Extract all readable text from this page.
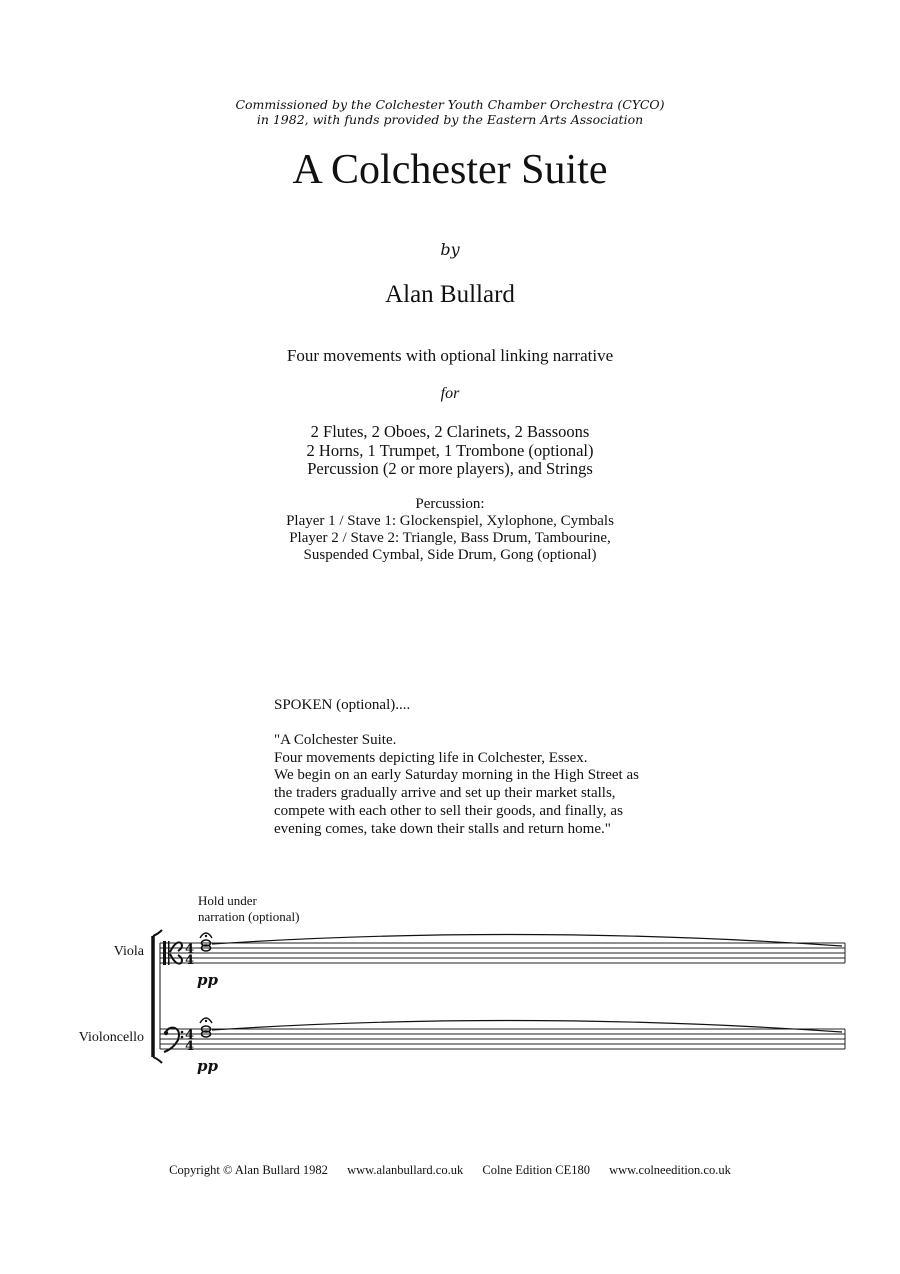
Commissioned by the Colchester Youth Chamber Orchestra (CYCO)
in 1982, with funds provided by the Eastern Arts Association
A Colchester Suite
by
Alan Bullard
Four movements with optional linking narrative
for
2 Flutes, 2 Oboes, 2 Clarinets, 2 Bassoons
2 Horns, 1 Trumpet, 1 Trombone (optional)
Percussion (2 or more players), and Strings
Percussion:
Player 1 / Stave 1: Glockenspiel, Xylophone, Cymbals
Player 2 / Stave 2: Triangle, Bass Drum, Tambourine,
Suspended Cymbal, Side Drum, Gong (optional)
SPOKEN (optional)....
"A Colchester Suite.
Four movements depicting life in Colchester, Essex.
We begin on an early Saturday morning in the High Street as
the traders gradually arrive and set up their market stalls,
compete with each other to sell their goods, and finally, as
evening comes, take down their stalls and return home."
Hold under
narration (optional)
Viola
Violoncello
4
4
4
4
pp
pp
Copyright © Alan Bullard 1982 www.alanbullard.co.uk Colne Edition CE180 www.colneedition.co.uk
